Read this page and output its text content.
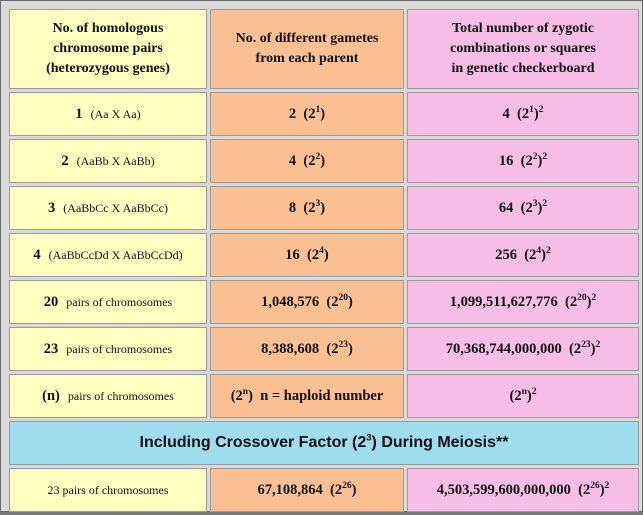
No. of homologous
chromosome pairs
(heterozygous genes)	No. of different gametes
from each parent	Total number of zygotic
combinations or squares
in genetic checkerboard
1 (Aa X Aa)	2 $(2^1)$	4 $(2^1)^2$
2 (AaBb X AaBb)	4 $(2^2)$	16 $(2^2)^2$
3 (AaBbCc X AaBbCc)	8 $(2^3)$	64 $(2^3)^2$
4 (AaBbCcDd X AaBbCcDd)	16 $(2^4)$	256 $(2^4)^2$
20 pairs of chromosomes	1,048,576 $(2^{20})$	1,099,511,627,776 $(2^{20})^2$
23 pairs of chromosomes	8,388,608 $(2^{23})$	70,368,744,000,000 $(2^{23})^2$
(n) pairs of chromosomes	(2$^n$) n = haploid number	$(2^n)^2$
Including Crossover Factor $(2^3)$ During Meiosis**		
23 pairs of chromosomes	67,108,864 $(2^{26})$	4,503,599,600,000,000 $(2^{26})^2$
